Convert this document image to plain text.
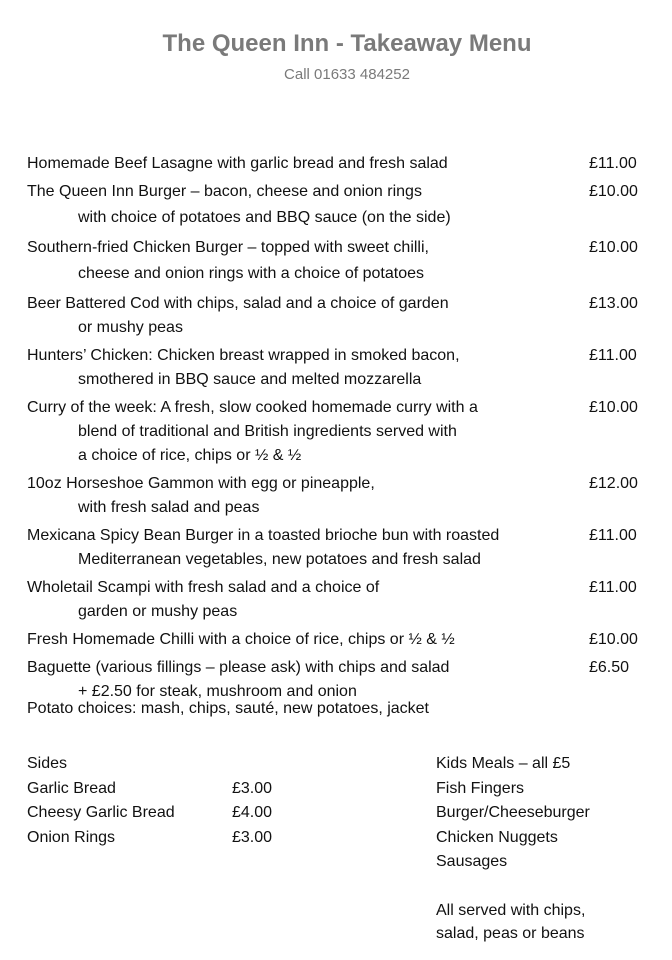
The Queen Inn - Takeaway Menu
Call 01633 484252
Homemade Beef Lasagne with garlic bread and fresh salad	£11.00
The Queen Inn Burger – bacon, cheese and onion rings
with choice of potatoes and BBQ sauce (on the side)
£10.00
Southern-fried Chicken Burger – topped with sweet chilli,
cheese and onion rings with a choice of potatoes
£10.00
Beer Battered Cod with chips, salad and a choice of garden
or mushy peas
£13.00
Hunters’ Chicken: Chicken breast wrapped in smoked bacon,
smothered in BBQ sauce and melted mozzarella
£11.00
Curry of the week: A fresh, slow cooked homemade curry with a
blend of traditional and British ingredients served with
a choice of rice, chips or ½ & ½
£10.00
10oz Horseshoe Gammon with egg or pineapple,
with fresh salad and peas
£12.00
Mexicana Spicy Bean Burger in a toasted brioche bun with roasted
Mediterranean vegetables, new potatoes and fresh salad
£11.00
Wholetail Scampi with fresh salad and a choice of
garden or mushy peas
£11.00
Fresh Homemade Chilli with a choice of rice, chips or ½ & ½	£10.00
Baguette (various fillings – please ask) with chips and salad
+ £2.50 for steak, mushroom and onion
£6.50
Potato choices: mash, chips, sauté, new potatoes, jacket
Sides
Garlic Bread	£3.00
Cheesy Garlic Bread	£4.00
Onion Rings	£3.00
Kids Meals – all £5
Fish Fingers
Burger/Cheeseburger
Chicken Nuggets
Sausages
All served with chips,
salad, peas or beans
